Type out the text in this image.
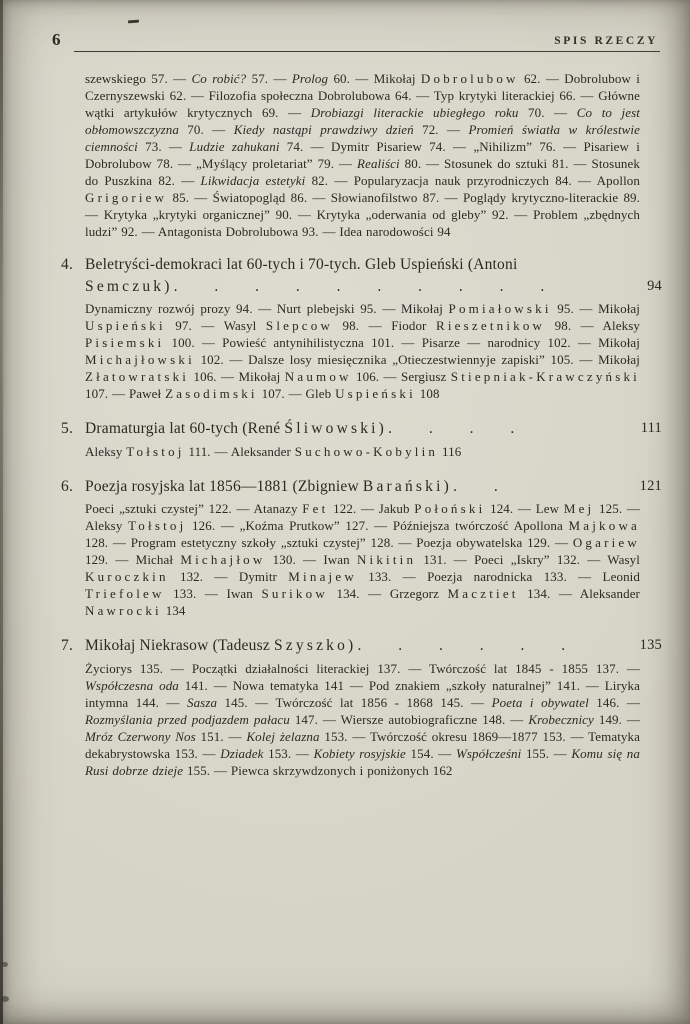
6	SPIS RZECZY

szewskiego 57. — Co robić? 57. — Prolog 60. — Mikołaj Dobrolubow 62. — Dobrolubow i Czernyszewski 62. — Filozofia społeczna Dobrolubowa 64. — Typ krytyki literackiej 66. — Główne wątki artykułów krytycznych 69. — Drobiazgi literackie ubiegłego roku 70. — Co to jest obłomowszczyzna 70. — Kiedy nastąpi prawdziwy dzień 72. — Promień światła w królestwie ciemności 73. — Ludzie zahukani 74. — Dymitr Pisariew 74. — „Nihilizm” 76. — Pisariew i Dobrolubow 78. — „Myślący proletariat” 79. — Realiści 80. — Stosunek do sztuki 81. — Stosunek do Puszkina 82. — Likwidacja estetyki 82. — Popularyzacja nauk przyrodniczych 84. — Apollon Grigoriew 85. — Światopogląd 86. — Słowianofilstwo 87. — Poglądy krytyczno-literackie 89. — Krytyka „krytyki organicznej” 90. — Krytyka „oderwania od gleby” 92. — Problem „zbędnych ludzi” 92. — Antagonista Dobrolubowa 93. — Idea narodowości 94

4. Beletryści-demokraci lat 60-tych i 70-tych. Gleb Uspieński (Antoni Semczuk) . . . . . . . . . .	94

Dynamiczny rozwój prozy 94. — Nurt plebejski 95. — Mikołaj Pomiałowski 95. — Mikołaj Uspieński 97. — Wasyl Slepcow 98. — Fiodor Rieszetnikow 98. — Aleksy Pisiemski 100. — Powieść antynihilistyczna 101. — Pisarze — narodnicy 102. — Mikołaj Michajłowski 102. — Dalsze losy miesięcznika „Otieczestwiennyje zapiski” 105. — Mikołaj Złatowratski 106. — Mikołaj Naumow 106. — Sergiusz Stiepniak-Krawczyński 107. — Paweł Zasodimski 107. — Gleb Uspieński 108

5. Dramaturgia lat 60-tych (René Śliwowski) . . . .	111

Aleksy Tołstoj 111. — Aleksander Suchowo-Kobylin 116

6. Poezja rosyjska lat 1856—1881 (Zbigniew Barański) . .	121

Poeci „sztuki czystej” 122. — Atanazy Fet 122. — Jakub Połoński 124. — Lew Mej 125. — Aleksy Tołstoj 126. — „Koźma Prutkow” 127. — Późniejsza twórczość Apollona Majkowa 128. — Program estetyczny szkoły „sztuki czystej” 128. — Poezja obywatelska 129. — Ogariew 129. — Michał Michajłow 130. — Iwan Nikitin 131. — Poeci „Iskry” 132. — Wasyl Kuroczkin 132. — Dymitr Minajew 133. — Poezja narodnicka 133. — Leonid Triefolew 133. — Iwan Surikow 134. — Grzegorz Macztiet 134. — Aleksander Nawrocki 134

7. Mikołaj Niekrasow (Tadeusz Szyszko) . . . . . .	135

Życiorys 135. — Początki działalności literackiej 137. — Twórczość lat 1845 - 1855 137. — Współczesna oda 141. — Nowa tematyka 141 — Pod znakiem „szkoły naturalnej” 141. — Liryka intymna 144. — Sasza 145. — Twórczość lat 1856 - 1868 145. — Poeta i obywatel 146. — Rozmyślania przed podjazdem pałacu 147. — Wiersze autobiograficzne 148. — Krobecznicy 149. — Mróz Czerwony Nos 151. — Kolej żelazna 153. — Twórczość okresu 1869—1877 153. — Tematyka dekabrystowska 153. — Dziadek 153. — Kobiety rosyjskie 154. — Współcześni 155. — Komu się na Rusi dobrze dzieje 155. — Piewca skrzywdzonych i poniżonych 162
